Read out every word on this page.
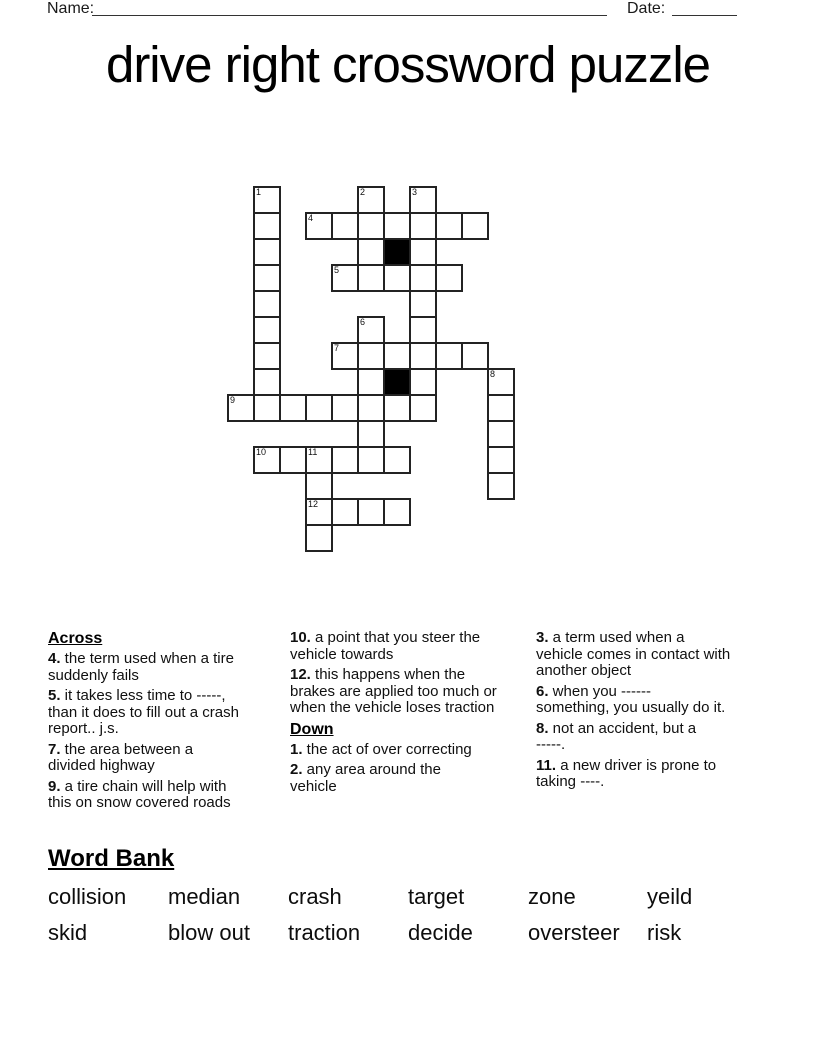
Name:	Date:
drive right crossword puzzle
1	2	3
4
5
6
7
8
9
10	11
12
Across
4. the term used when a tire
suddenly fails
5. it takes less time to -----,
than it does to fill out a crash
report.. j.s.
7. the area between a
divided highway
9. a tire chain will help with
this on snow covered roads
10. a point that you steer the
vehicle towards
12. this happens when the
brakes are applied too much or
when the vehicle loses traction
Down
1. the act of over correcting
2. any area around the
vehicle
3. a term used when a
vehicle comes in contact with
another object
6. when you ------
something, you usually do it.
8. not an accident, but a
-----.
11. a new driver is prone to
taking ----.
Word Bank
collision	median	crash	target	zone	yeild
skid	blow out	traction	decide	oversteer	risk
